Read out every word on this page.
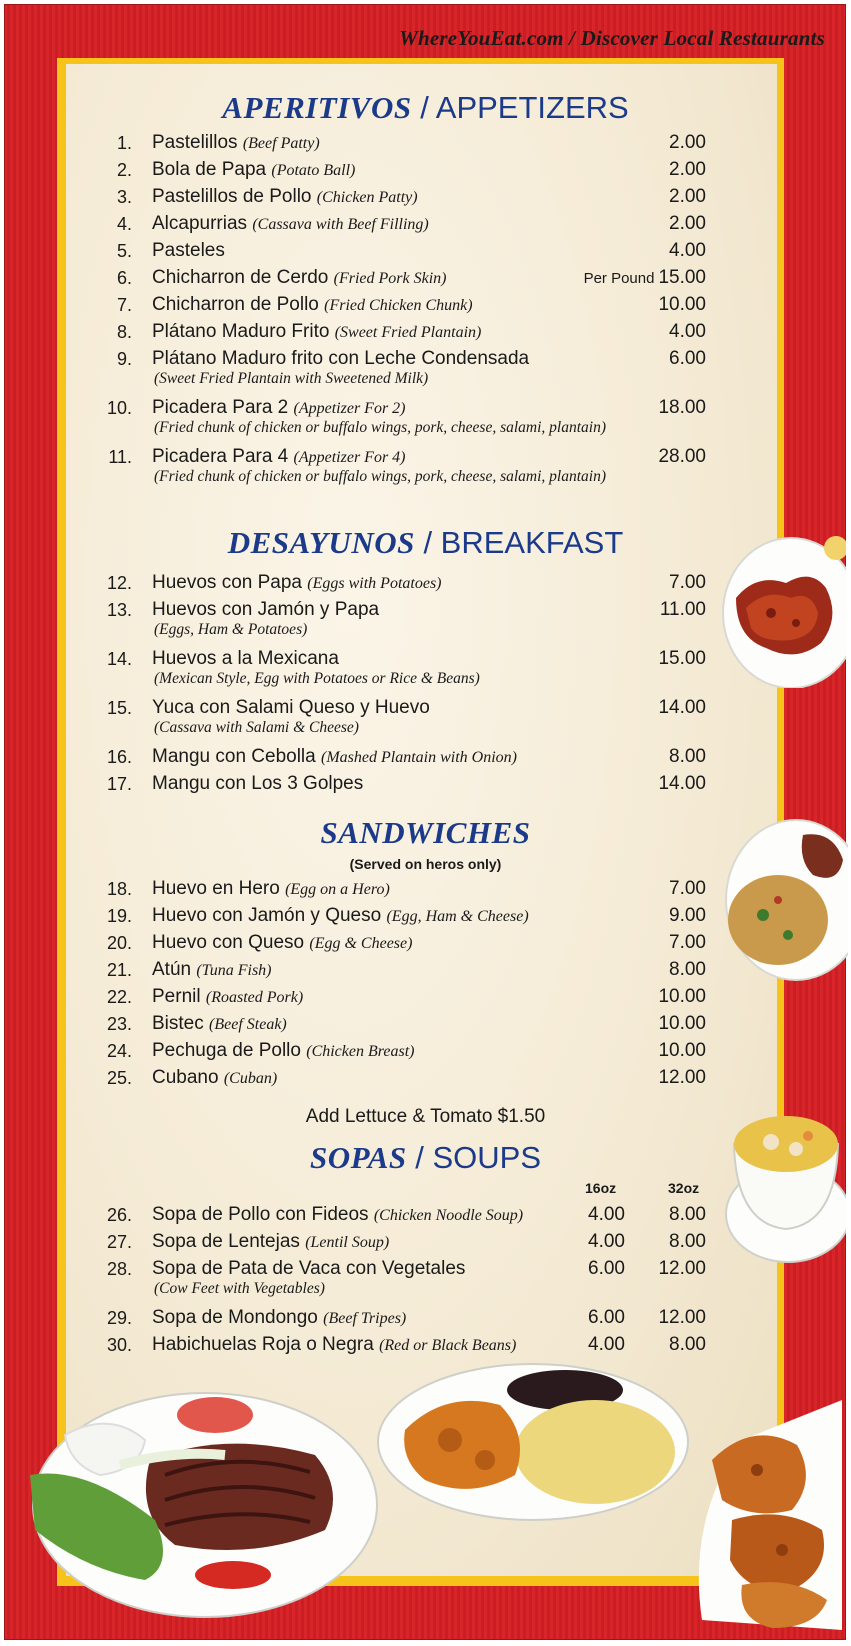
WhereYouEat.com / Discover Local Restaurants
APERITIVOS / APPETIZERS
1. Pastelillos (Beef Patty)	2.00
2. Bola de Papa (Potato Ball)	2.00
3. Pastelillos de Pollo (Chicken Patty)	2.00
4. Alcapurrias (Cassava with Beef Filling)	2.00
5. Pasteles	4.00
6. Chicharron de Cerdo (Fried Pork Skin)	Per Pound 15.00
7. Chicharron de Pollo (Fried Chicken Chunk)	10.00
8. Plátano Maduro Frito (Sweet Fried Plantain)	4.00
9. Plátano Maduro frito con Leche Condensada
(Sweet Fried Plantain with Sweetened Milk)
6.00
10. Picadera Para 2 (Appetizer For 2)
(Fried chunk of chicken or buffalo wings, pork, cheese, salami, plantain)
18.00
11. Picadera Para 4 (Appetizer For 4)
(Fried chunk of chicken or buffalo wings, pork, cheese, salami, plantain)
28.00
DESAYUNOS / BREAKFAST
12. Huevos con Papa (Eggs with Potatoes)	7.00
13. Huevos con Jamón y Papa
(Eggs, Ham & Potatoes)
11.00
14. Huevos a la Mexicana
(Mexican Style, Egg with Potatoes or Rice & Beans)
15.00
15. Yuca con Salami Queso y Huevo
(Cassava with Salami & Cheese)
14.00
16. Mangu con Cebolla (Mashed Plantain with Onion)	8.00
17. Mangu con Los 3 Golpes	14.00
SANDWICHES
(Served on heros only)
18. Huevo en Hero (Egg on a Hero)	7.00
19. Huevo con Jamón y Queso (Egg, Ham & Cheese)	9.00
20. Huevo con Queso (Egg & Cheese)	7.00
21. Atún (Tuna Fish)	8.00
22. Pernil (Roasted Pork)	10.00
23. Bistec (Beef Steak)	10.00
24. Pechuga de Pollo (Chicken Breast)	10.00
25. Cubano (Cuban)	12.00
Add Lettuce & Tomato $1.50
SOPAS / SOUPS
16oz	32oz
26. Sopa de Pollo con Fideos (Chicken Noodle Soup)	4.00	8.00
27. Sopa de Lentejas (Lentil Soup)	4.00	8.00
28. Sopa de Pata de Vaca con Vegetales
(Cow Feet with Vegetables)
6.00	12.00
29. Sopa de Mondongo (Beef Tripes)	6.00	12.00
30. Habichuelas Roja o Negra (Red or Black Beans)	4.00	8.00
